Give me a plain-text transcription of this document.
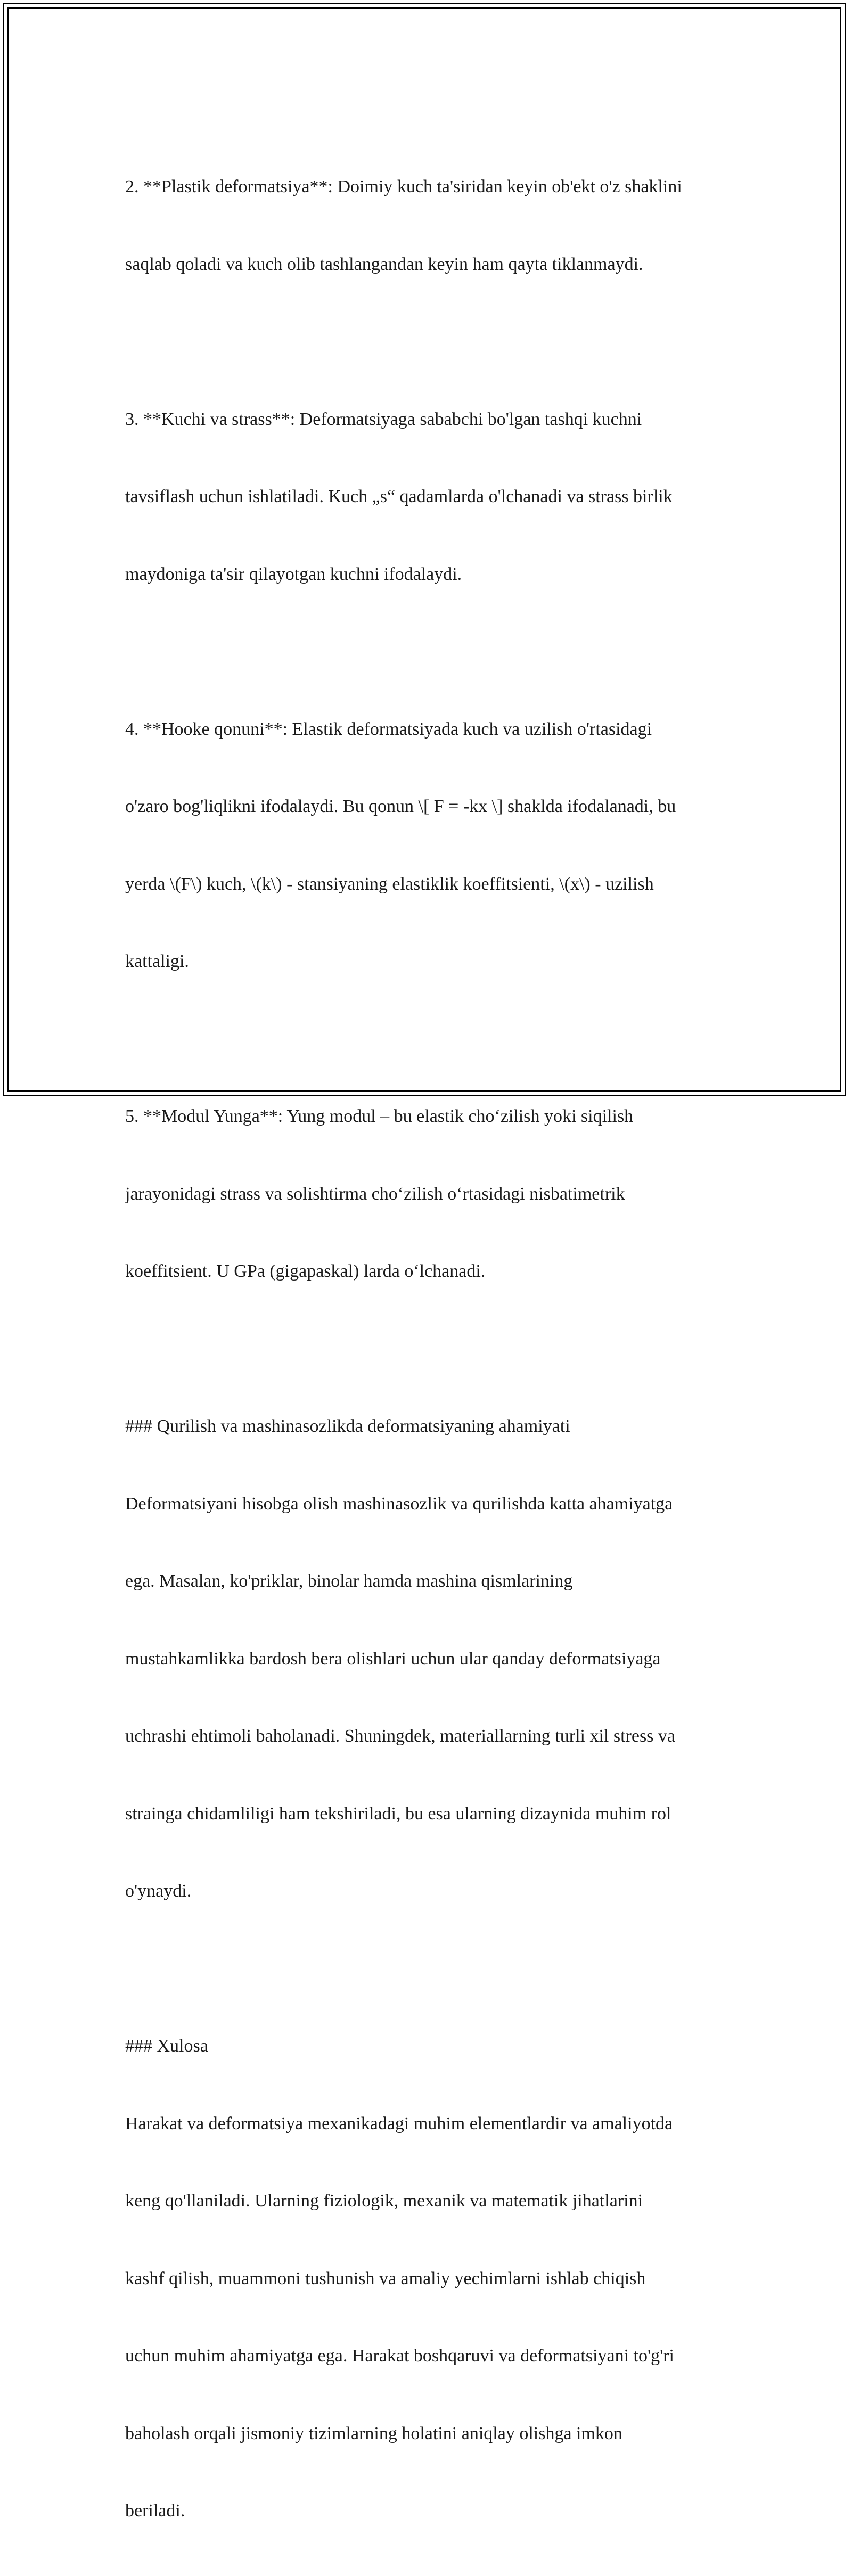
2. **Plastik deformatsiya**: Doimiy kuch ta'siridan keyin ob'ekt o'z shaklini

saqlab qoladi va kuch olib tashlangandan keyin ham qayta tiklanmaydi.

3. **Kuchi va strass**: Deformatsiyaga sababchi bo'lgan tashqi kuchni

tavsiflash uchun ishlatiladi. Kuch „s“ qadamlarda o'lchanadi va strass birlik

maydoniga ta'sir qilayotgan kuchni ifodalaydi.

4. **Hooke qonuni**: Elastik deformatsiyada kuch va uzilish o'rtasidagi

o'zaro bog'liqlikni ifodalaydi. Bu qonun \[ F = -kx \] shaklda ifodalanadi, bu

yerda \(F\) kuch, \(k\) - stansiyaning elastiklik koeffitsienti, \(x\) - uzilish

kattaligi.

5. **Modul Yunga**: Yung modul – bu elastik cho‘zilish yoki siqilish

jarayonidagi strass va solishtirma cho‘zilish o‘rtasidagi nisbatimetrik

koeffitsient. U GPa (gigapaskal) larda o‘lchanadi.

### Qurilish va mashinasozlikda deformatsiyaning ahamiyati

Deformatsiyani hisobga olish mashinasozlik va qurilishda katta ahamiyatga

ega. Masalan, ko'priklar, binolar hamda mashina qismlarining

mustahkamlikka bardosh bera olishlari uchun ular qanday deformatsiyaga

uchrashi ehtimoli baholanadi. Shuningdek, materiallarning turli xil stress va

strainga chidamliligi ham tekshiriladi, bu esa ularning dizaynida muhim rol

o'ynaydi.

### Xulosa

Harakat va deformatsiya mexanikadagi muhim elementlardir va amaliyotda

keng qo'llaniladi. Ularning fiziologik, mexanik va matematik jihatlarini

kashf qilish, muammoni tushunish va amaliy yechimlarni ishlab chiqish

uchun muhim ahamiyatga ega. Harakat boshqaruvi va deformatsiyani to'g'ri

baholash orqali jismoniy tizimlarning holatini aniqlay olishga imkon

beriladi.
